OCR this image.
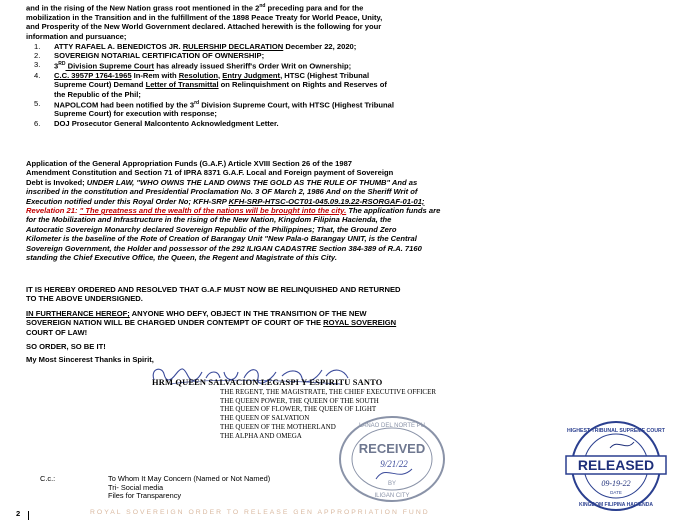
and in the rising of the New Nation grass root mentioned in the 2nd preceding para and for the
mobilization in the Transition and in the fulfillment of the 1898 Peace Treaty for World Peace, Unity,
and Prosperity of the New World Government declared. Attached herewith is the following for your
information and pursuance;
1. ATTY RAFAEL A. BENEDICTOS JR. RULERSHIP DECLARATION December 22, 2020;
2. SOVEREIGN NOTARIAL CERTIFICATION OF OWNERSHIP;
3. 3RD Division Supreme Court has already issued Sheriff's Order Writ on Ownership;
4. C.C. 3957P 1764-1965 In-Rem with Resolution, Entry Judgment, HTSC (Highest Tribunal
Supreme Court) Demand Letter of Transmittal on Relinquishment on Rights and Reserves of
the Republic of the Phil;
5. NAPOLCOM had been notified by the 3rd Division Supreme Court, with HTSC (Highest Tribunal
Supreme Court) for execution with response;
6. DOJ Prosecutor General Malcontento Acknowledgment Letter.
Application of the General Appropriation Funds (G.A.F.) Article XVIII Section 26 of the 1987
Amendment Constitution and Section 71 of IPRA 8371 G.A.F. Local and Foreign payment of Sovereign
Debt is Invoked; UNDER LAW, "WHO OWNS THE LAND OWNS THE GOLD AS THE RULE OF THUMB" And as
inscribed in the constitution and Presidential Proclamation No. 3 OF March 2, 1986 And on the Sheriff Writ of
Execution notified under this Royal Order No; KFH-SRP KFH-SRP-HTSC-OCT01-045.09.19.22-RSORGAF-01-01;
Revelation 21: " The greatness and the wealth of the nations will be brought into the city. The application funds are
for the Mobilization and Infrastructure in the rising of the New Nation, Kingdom Filipina Hacienda, the
Autocratic Sovereign Monarchy declared Sovereign Republic of the Philippines; That, the Ground Zero
Kilometer is the baseline of the Rote of Creation of Barangay Unit "New Pala-o Barangay UNIT, is the Central
Sovereign Government, the Holder and possessor of the 292 ILIGAN CADASTRE Section 384-389 of R.A. 7160
standing the Chief Executive Office, the Queen, the Regent and Magistrate of this City.
IT IS HEREBY ORDERED AND RESOLVED THAT G.A.F MUST NOW BE RELINQUISHED AND RETURNED
TO THE ABOVE UNDERSIGNED.
IN FURTHERANCE HEREOF; ANYONE WHO DEFY, OBJECT IN THE TRANSITION OF THE NEW
SOVEREIGN NATION WILL BE CHARGED UNDER CONTEMPT OF COURT OF THE ROYAL SOVEREIGN
COURT OF LAW!
SO ORDER, SO BE IT!
My Most Sincerest Thanks in Spirit,
HRM QUEEN SALVACION LEGASPI Y ESPIRITU SANTO
THE REGENT, THE MAGISTRATE, THE CHIEF EXECUTIVE OFFICER
THE QUEEN POWER, THE QUEEN OF THE SOUTH
THE QUEEN OF FLOWER, THE QUEEN OF LIGHT
THE QUEEN OF SALVATION
THE QUEEN OF THE MOTHERLAND
THE ALPHA AND OMEGA
LANAO DEL NORTE PU
RECEIVED
9/21/22
BY
ILIGAN CITY
HIGHEST TRIBUNAL SUPREME COURT
RELEASED
09-19-22
DATE
KINGDOM FILIPINA HACIENDA
C.c.:	To Whom It May Concern (Named or Not Named)
Tri- Social media
Files for Transparency
2	ROYAL SOVEREIGN ORDER TO RELEASE GEN APPROPRIATION FUND
